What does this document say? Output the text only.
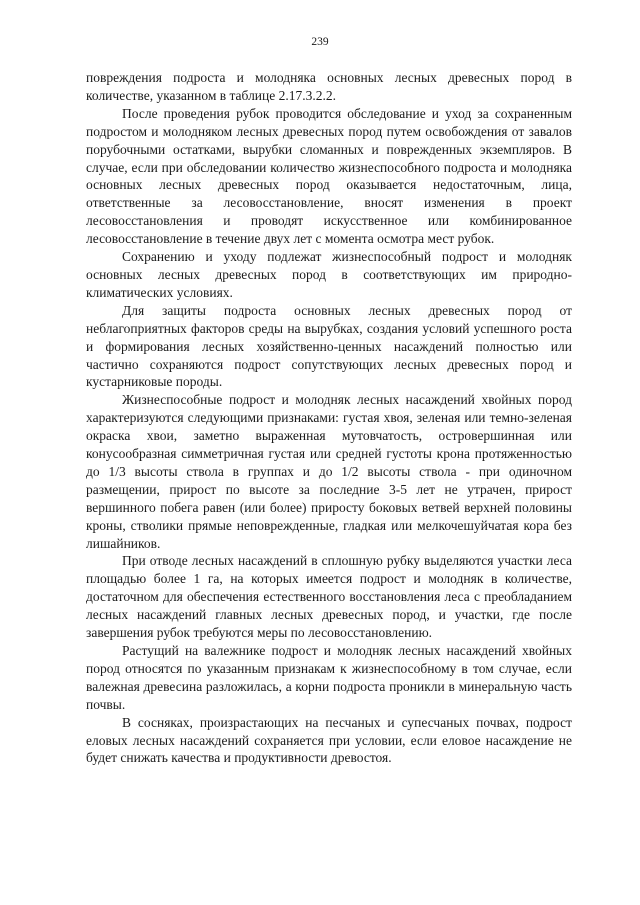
239

повреждения подроста и молодняка основных лесных древесных пород в количестве, указанном в таблице 2.17.3.2.2.

После проведения рубок проводится обследование и уход за сохраненным подростом и молодняком лесных древесных пород путем освобождения от завалов порубочными остатками, вырубки сломанных и поврежденных экземпляров. В случае, если при обследовании количество жизнеспособного подроста и молодняка основных лесных древесных пород оказывается недостаточным, лица, ответственные за лесовосстановление, вносят изменения в проект лесовосстановления и проводят искусственное или комбинированное лесовосстановление в течение двух лет с момента осмотра мест рубок.

Сохранению и уходу подлежат жизнеспособный подрост и молодняк основных лесных древесных пород в соответствующих им природно-климатических условиях.

Для защиты подроста основных лесных древесных пород от неблагоприятных факторов среды на вырубках, создания условий успешного роста и формирования лесных хозяйственно-ценных насаждений полностью или частично сохраняются подрост сопутствующих лесных древесных пород и кустарниковые породы.

Жизнеспособные подрост и молодняк лесных насаждений хвойных пород характеризуются следующими признаками: густая хвоя, зеленая или темно-зеленая окраска хвои, заметно выраженная мутовчатость, островершинная или конусообразная симметричная густая или средней густоты крона протяженностью до 1/3 высоты ствола в группах и до 1/2 высоты ствола - при одиночном размещении, прирост по высоте за последние 3-5 лет не утрачен, прирост вершинного побега равен (или более) приросту боковых ветвей верхней половины кроны, стволики прямые неповрежденные, гладкая или мелкочешуйчатая кора без лишайников.

При отводе лесных насаждений в сплошную рубку выделяются участки леса площадью более 1 га, на которых имеется подрост и молодняк в количестве, достаточном для обеспечения естественного восстановления леса с преобладанием лесных насаждений главных лесных древесных пород, и участки, где после завершения рубок требуются меры по лесовосстановлению.

Растущий на валежнике подрост и молодняк лесных насаждений хвойных пород относятся по указанным признакам к жизнеспособному в том случае, если валежная древесина разложилась, а корни подроста проникли в минеральную часть почвы.

В сосняках, произрастающих на песчаных и супесчаных почвах, подрост еловых лесных насаждений сохраняется при условии, если еловое насаждение не будет снижать качества и продуктивности древостоя.
